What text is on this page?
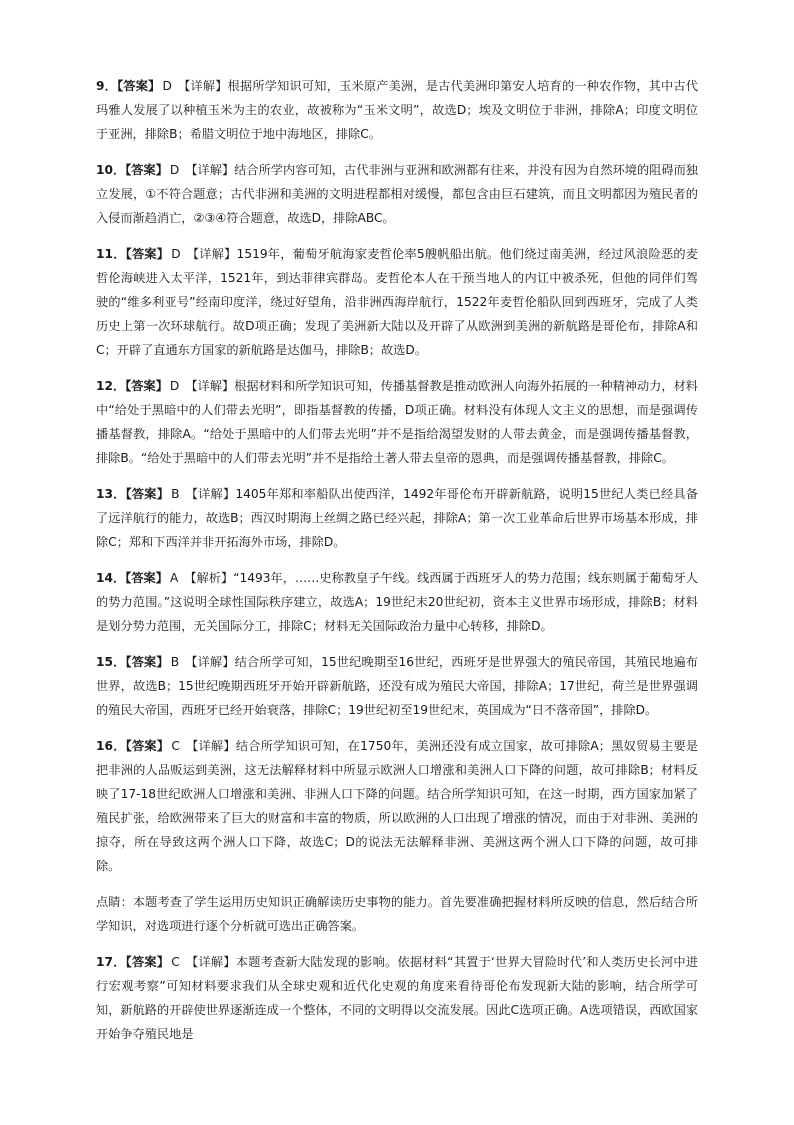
9．【答案】 D 【详解】根据所学知识可知，玉米原产美洲，是古代美洲印第安人培育的一种农作物，其中古代玛雅人发展了以种植玉米为主的农业，故被称为“玉米文明”，故选D；埃及文明位于非洲，排除A；印度文明位于亚洲，排除B；希腊文明位于地中海地区，排除C。

10．【答案】 D 【详解】结合所学内容可知，古代非洲与亚洲和欧洲都有往来，并没有因为自然环境的阻碍而独立发展，①不符合题意；古代非洲和美洲的文明进程都相对缓慢，都包含由巨石建筑，而且文明都因为殖民者的入侵而渐趋消亡，②③④符合题意，故选D，排除ABC。

11．【答案】 D 【详解】1519年，葡萄牙航海家麦哲伦率5艘帆船出航。他们绕过南美洲，经过风浪险恶的麦哲伦海峡进入太平洋，1521年，到达菲律宾群岛。麦哲伦本人在干预当地人的内讧中被杀死，但他的同伴们驾驶的“维多利亚号”经南印度洋，绕过好望角，沿非洲西海岸航行，1522年麦哲伦船队回到西班牙，完成了人类历史上第一次环球航行。故D项正确；发现了美洲新大陆以及开辟了从欧洲到美洲的新航路是哥伦布，排除A和C；开辟了直通东方国家的新航路是达伽马，排除B；故选D。

12．【答案】 D 【详解】根据材料和所学知识可知，传播基督教是推动欧洲人向海外拓展的一种精神动力，材料中“给处于黑暗中的人们带去光明”，即指基督教的传播，D项正确。材料没有体现人文主义的思想，而是强调传播基督教，排除A。“给处于黑暗中的人们带去光明”并不是指给渴望发财的人带去黄金，而是强调传播基督教，排除B。“给处于黑暗中的人们带去光明”并不是指给土著人带去皇帝的恩典，而是强调传播基督教，排除C。

13．【答案】 B 【详解】1405年郑和率船队出使西洋，1492年哥伦布开辟新航路，说明15世纪人类已经具备了远洋航行的能力，故选B；西汉时期海上丝绸之路已经兴起，排除A；第一次工业革命后世界市场基本形成，排除C；郑和下西洋并非开拓海外市场，排除D。

14．【答案】 A 【解析】“1493年，……史称教皇子午线。线西属于西班牙人的势力范围；线东则属于葡萄牙人的势力范围。”这说明全球性国际秩序建立，故选A；19世纪末20世纪初，资本主义世界市场形成，排除B；材料是划分势力范围，无关国际分工，排除C；材料无关国际政治力量中心转移，排除D。

15．【答案】 B 【详解】结合所学可知，15世纪晚期至16世纪，西班牙是世界强大的殖民帝国，其殖民地遍布世界，故选B；15世纪晚期西班牙开始开辟新航路，还没有成为殖民大帝国，排除A；17世纪，荷兰是世界强调的殖民大帝国，西班牙已经开始衰落，排除C；19世纪初至19世纪末，英国成为“日不落帝国”，排除D。

16．【答案】 C 【详解】结合所学知识可知，在1750年，美洲还没有成立国家，故可排除A；黑奴贸易主要是把非洲的人品贩运到美洲，这无法解释材料中所显示欧洲人口增涨和美洲人口下降的问题，故可排除B；材料反映了17-18世纪欧洲人口增涨和美洲、非洲人口下降的问题。结合所学知识可知，在这一时期，西方国家加紧了殖民扩张，给欧洲带来了巨大的财富和丰富的物质，所以欧洲的人口出现了增涨的情况，而由于对非洲、美洲的掠夺，所在导致这两个洲人口下降，故选C；D的说法无法解释非洲、美洲这两个洲人口下降的问题，故可排除。

点睛：本题考查了学生运用历史知识正确解读历史事物的能力。首先要准确把握材料所反映的信息，然后结合所学知识，对选项进行逐个分析就可选出正确答案。

17．【答案】 C 【详解】本题考查新大陆发现的影响。依据材料“其置于‘世界大冒险时代’和人类历史长河中进行宏观考察”可知材料要求我们从全球史观和近代化史观的角度来看待哥伦布发现新大陆的影响，结合所学可知，新航路的开辟使世界逐渐连成一个整体，不同的文明得以交流发展。因此C选项正确。A选项错误，西欧国家开始争夺殖民地是
